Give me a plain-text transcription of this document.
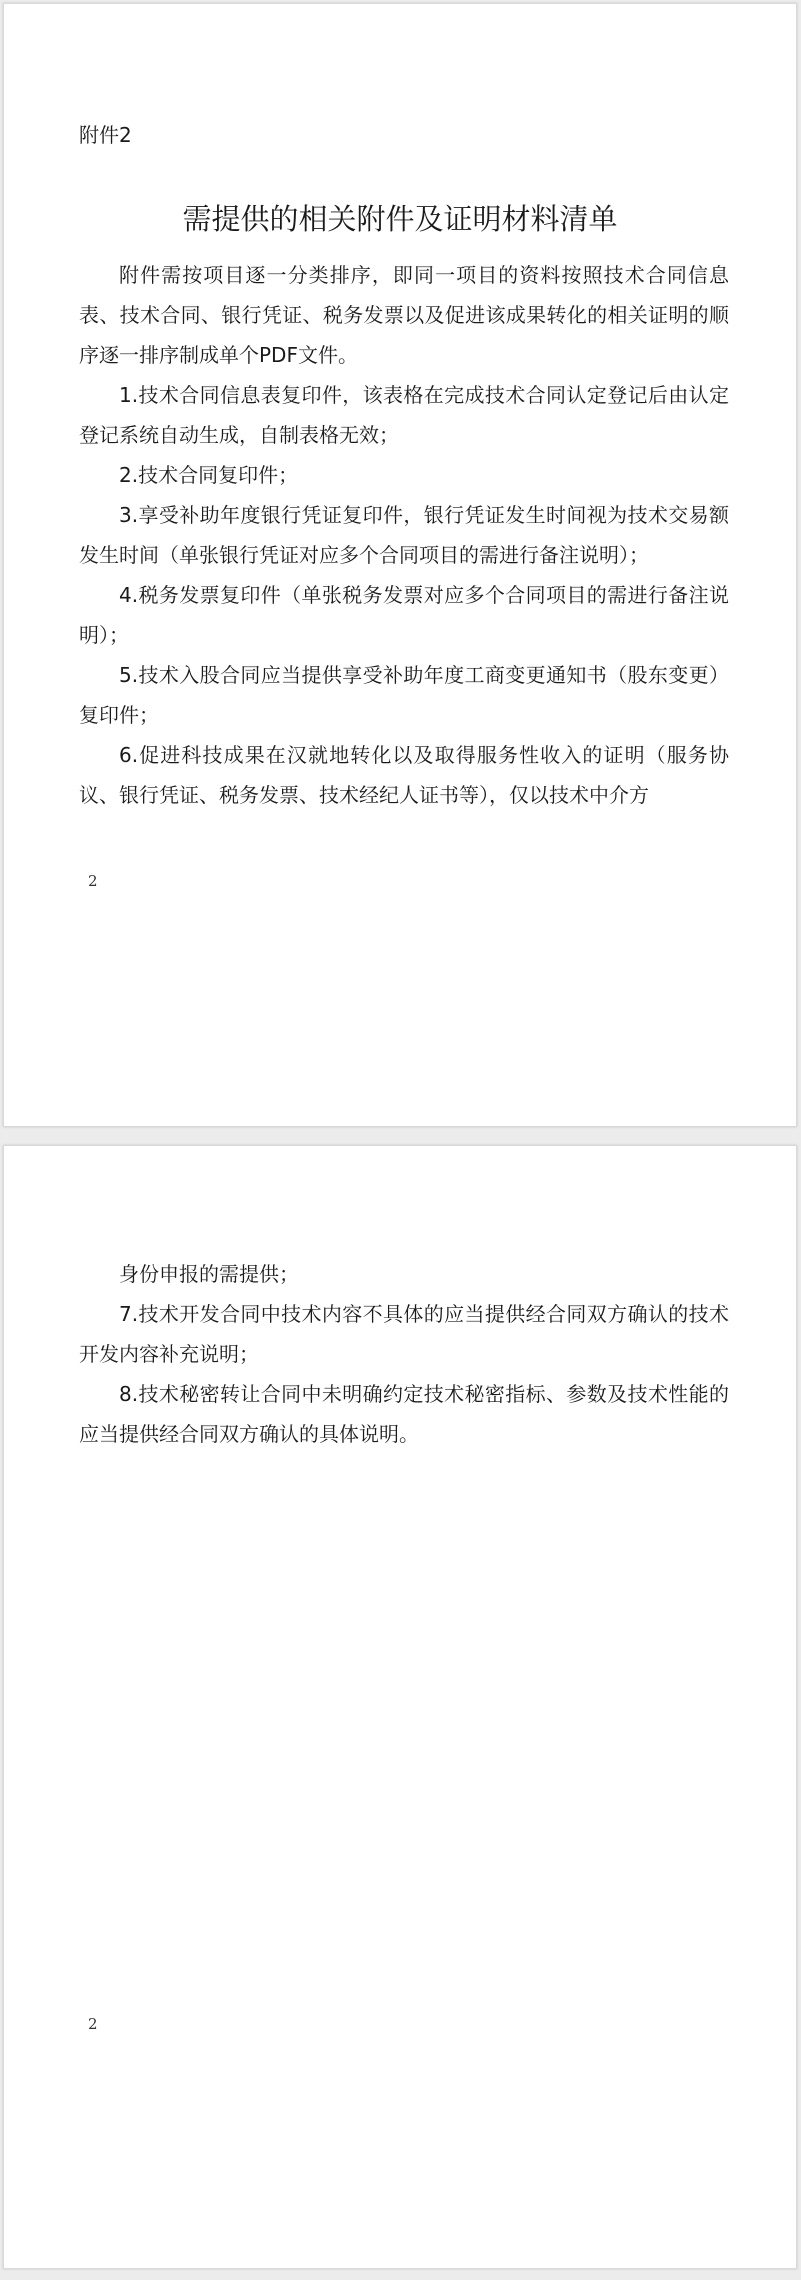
附件2
需提供的相关附件及证明材料清单

附件需按项目逐一分类排序，即同一项目的资料按照技术合同信息表、技术合同、银行凭证、税务发票以及促进该成果转化的相关证明的顺序逐一排序制成单个PDF文件。

1.技术合同信息表复印件，该表格在完成技术合同认定登记后由认定登记系统自动生成，自制表格无效；

2.技术合同复印件；

3.享受补助年度银行凭证复印件，银行凭证发生时间视为技术交易额发生时间（单张银行凭证对应多个合同项目的需进行备注说明）；

4.税务发票复印件（单张税务发票对应多个合同项目的需进行备注说明）；

5.技术入股合同应当提供享受补助年度工商变更通知书（股东变更）复印件；

6.促进科技成果在汉就地转化以及取得服务性收入的证明（服务协议、银行凭证、税务发票、技术经纪人证书等），仅以技术中介方

2

身份申报的需提供；

7.技术开发合同中技术内容不具体的应当提供经合同双方确认的技术开发内容补充说明；

8.技术秘密转让合同中未明确约定技术秘密指标、参数及技术性能的应当提供经合同双方确认的具体说明。

2
